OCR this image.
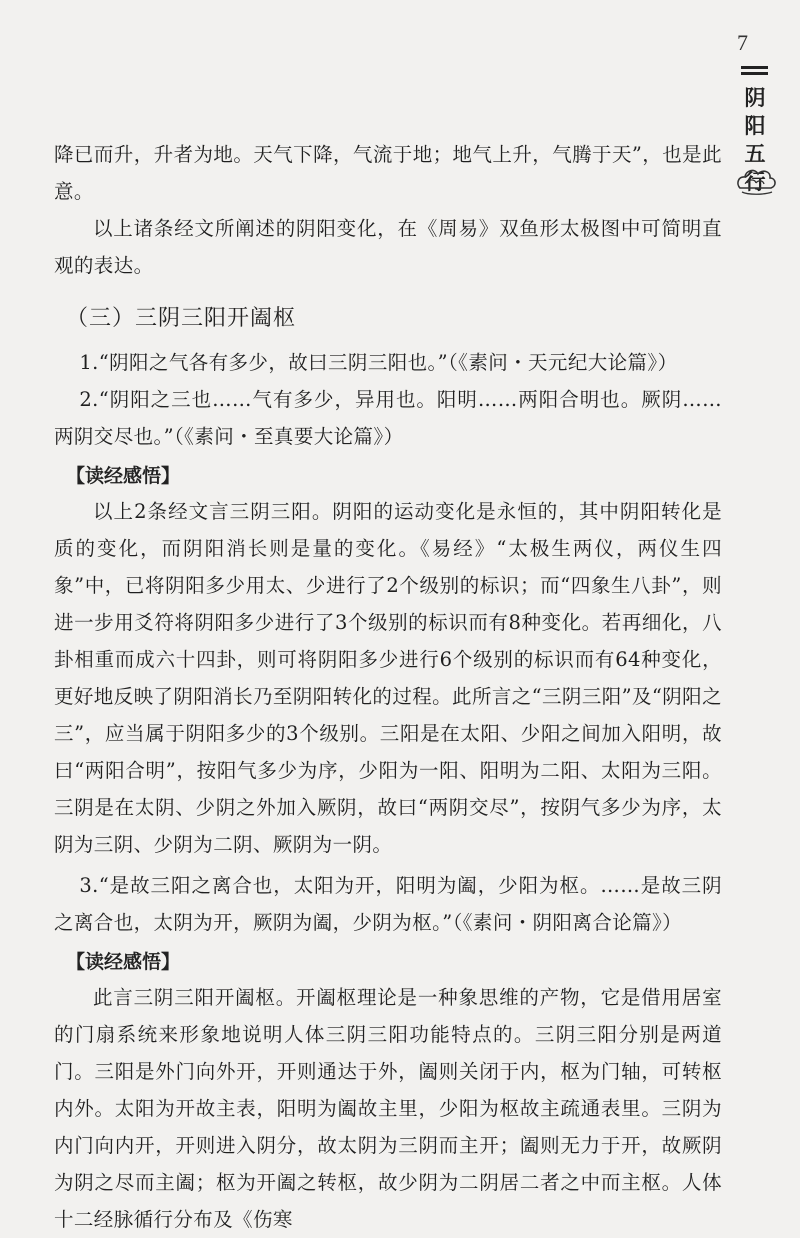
7
阴
阳
五
行

降已而升，升者为地。天气下降，气流于地；地气上升，气腾于天”，也是此意。

以上诸条经文所阐述的阴阳变化，在《周易》双鱼形太极图中可简明直观的表达。

（三）三阴三阳开阖枢

1.“阴阳之气各有多少，故曰三阴三阳也。”（《素问・天元纪大论篇》）

2.“阴阳之三也……气有多少，异用也。阳明……两阳合明也。厥阴……两阴交尽也。”（《素问・至真要大论篇》）

【读经感悟】

以上2条经文言三阴三阳。阴阳的运动变化是永恒的，其中阴阳转化是质的变化，而阴阳消长则是量的变化。《易经》“太极生两仪，两仪生四象”中，已将阴阳多少用太、少进行了2个级别的标识；而“四象生八卦”，则进一步用爻符将阴阳多少进行了3个级别的标识而有8种变化。若再细化，八卦相重而成六十四卦，则可将阴阳多少进行6个级别的标识而有64种变化，更好地反映了阴阳消长乃至阴阳转化的过程。此所言之“三阴三阳”及“阴阳之三”，应当属于阴阳多少的3个级别。三阳是在太阳、少阳之间加入阳明，故曰“两阳合明”，按阳气多少为序，少阳为一阳、阳明为二阳、太阳为三阳。三阴是在太阴、少阴之外加入厥阴，故曰“两阴交尽”，按阴气多少为序，太阴为三阴、少阴为二阴、厥阴为一阴。

3.“是故三阳之离合也，太阳为开，阳明为阖，少阳为枢。……是故三阴之离合也，太阴为开，厥阴为阖，少阴为枢。”（《素问・阴阳离合论篇》）

【读经感悟】

此言三阴三阳开阖枢。开阖枢理论是一种象思维的产物，它是借用居室的门扇系统来形象地说明人体三阴三阳功能特点的。三阴三阳分别是两道门。三阳是外门向外开，开则通达于外，阖则关闭于内，枢为门轴，可转枢内外。太阳为开故主表，阳明为阖故主里，少阳为枢故主疏通表里。三阴为内门向内开，开则进入阴分，故太阴为三阴而主开；阖则无力于开，故厥阴为阴之尽而主阖；枢为开阖之转枢，故少阴为二阴居二者之中而主枢。人体十二经脉循行分布及《伤寒
